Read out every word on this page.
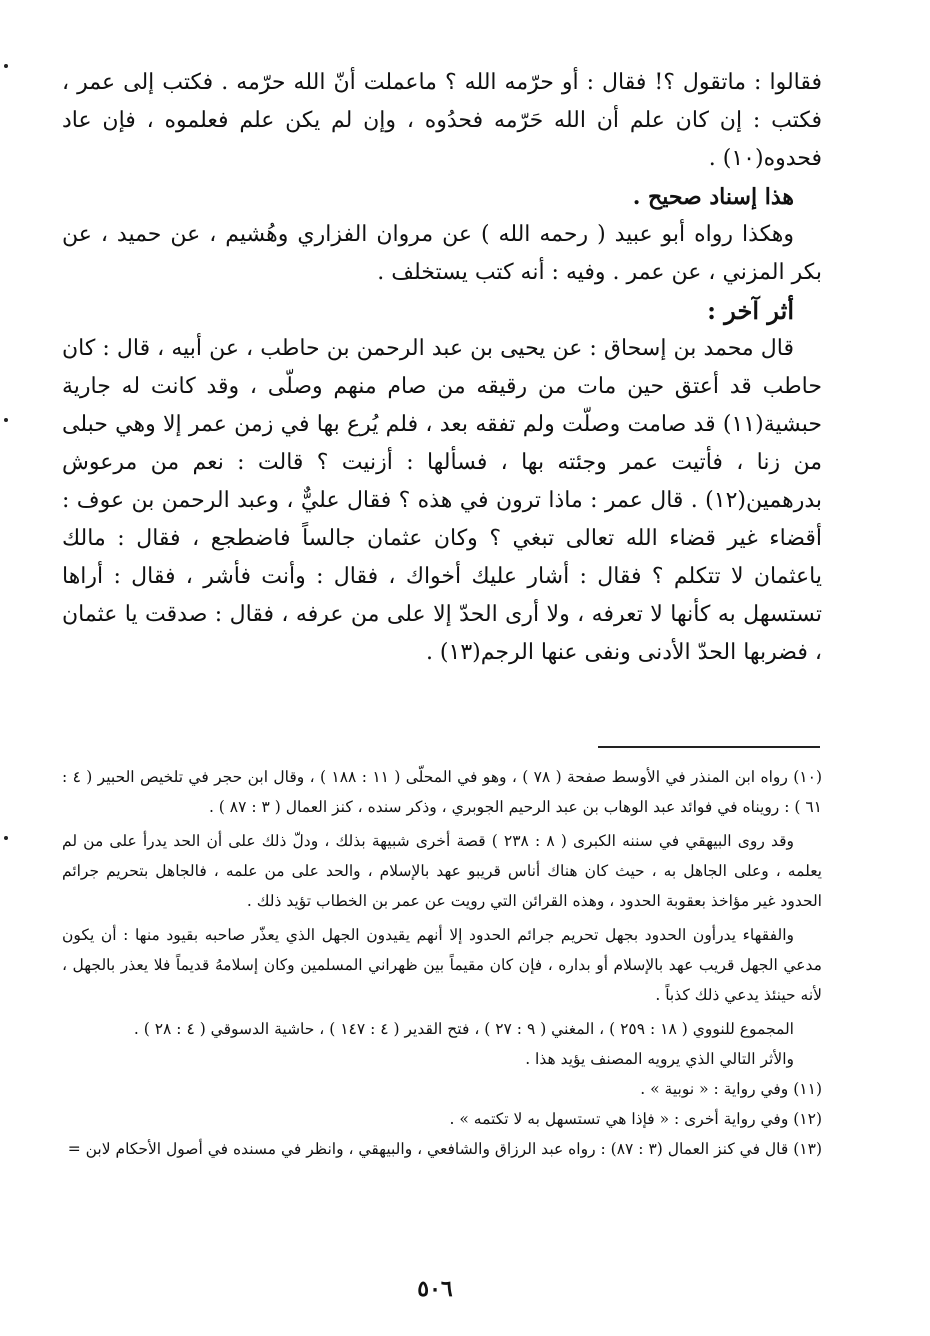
فقالوا : ماتقول ؟! فقال : أو حرّمه الله ؟ ماعملت أنّ الله حرّمه . فكتب إلى عمر ، فكتب : إن كان علم أن الله حَرّمه فحدُوه ، وإن لم يكن علم فعلموه ، فإن عاد فحدوه(١٠) .

هذا إسناد صحيح .

وهكذا رواه أبو عبيد ( رحمه الله ) عن مروان الفزاري وهُشيم ، عن حميد ، عن بكر المزني ، عن عمر . وفيه : أنه كتب يستخلف .

أثر آخر :

قال محمد بن إسحاق : عن يحيى بن عبد الرحمن بن حاطب ، عن أبيه ، قال : كان حاطب قد أعتق حين مات من رقيقه من صام منهم وصلّى ، وقد كانت له جارية حبشية(١١) قد صامت وصلّت ولم تفقه بعد ، فلم يُرع بها في زمن عمر إلا وهي حبلى من زنا ، فأتيت عمر وجئته بها ، فسألها : أزنيت ؟ قالت : نعم من مرعوش بدرهمين(١٢) . قال عمر : ماذا ترون في هذه ؟ فقال عليٌّ ، وعبد الرحمن بن عوف : أقضاء غير قضاء الله تعالى تبغي ؟ وكان عثمان جالساً فاضطجع ، فقال : مالك ياعثمان لا تتكلم ؟ فقال : أشار عليك أخواك ، فقال : وأنت فأشر ، فقال : أراها تستسهل به كأنها لا تعرفه ، ولا أرى الحدّ إلا على من عرفه ، فقال : صدقت يا عثمان ، فضربها الحدّ الأدنى ونفى عنها الرجم(١٣) .

(١٠) رواه ابن المنذر في الأوسط صفحة ( ٧٨ ) ، وهو في المحلّى ( ١١ : ١٨٨ ) ، وقال ابن حجر في تلخيص الحبير ( ٤ : ٦١ ) : رويناه في فوائد عبد الوهاب بن عبد الرحيم الجوبري ، وذكر سنده ، كنز العمال ( ٣ : ٨٧ ) .

وقد روى البيهقي في سننه الكبرى ( ٨ : ٢٣٨ ) قصة أخرى شبيهة بذلك ، ودلّ ذلك على أن الحد يدرأ على من لم يعلمه ، وعلى الجاهل به ، حيث كان هناك أناس قريبو عهد بالإسلام ، والحد على من علمه ، فالجاهل بتحريم جرائم الحدود غير مؤاخذ بعقوبة الحدود ، وهذه القرائن التي رويت عن عمر بن الخطاب تؤيد ذلك .

والفقهاء يدرأون الحدود بجهل تحريم جرائم الحدود إلا أنهم يقيدون الجهل الذي يعذّر صاحبه بقيود منها : أن يكون مدعي الجهل قريب عهد بالإسلام أو بداره ، فإن كان مقيماً بين ظهراني المسلمين وكان إسلامهُ قديماً فلا يعذر بالجهل ، لأنه حينئذ يدعي ذلك كذباً .

المجموع للنووي ( ١٨ : ٢٥٩ ) ، المغني ( ٩ : ٢٧ ) ، فتح القدير ( ٤ : ١٤٧ ) ، حاشية الدسوقي ( ٤ : ٢٨ ) .

والأثر التالي الذي يرويه المصنف يؤيد هذا .

(١١) وفي رواية : « نوبية » .

(١٢) وفي رواية أخرى : « فإذا هي تستسهل به لا تكتمه » .

(١٣) قال في كنز العمال (٣ : ٨٧) : رواه عبد الرزاق والشافعي ، والبيهقي ، وانظر في مسنده في أصول الأحكام لابن =

٥٠٦
